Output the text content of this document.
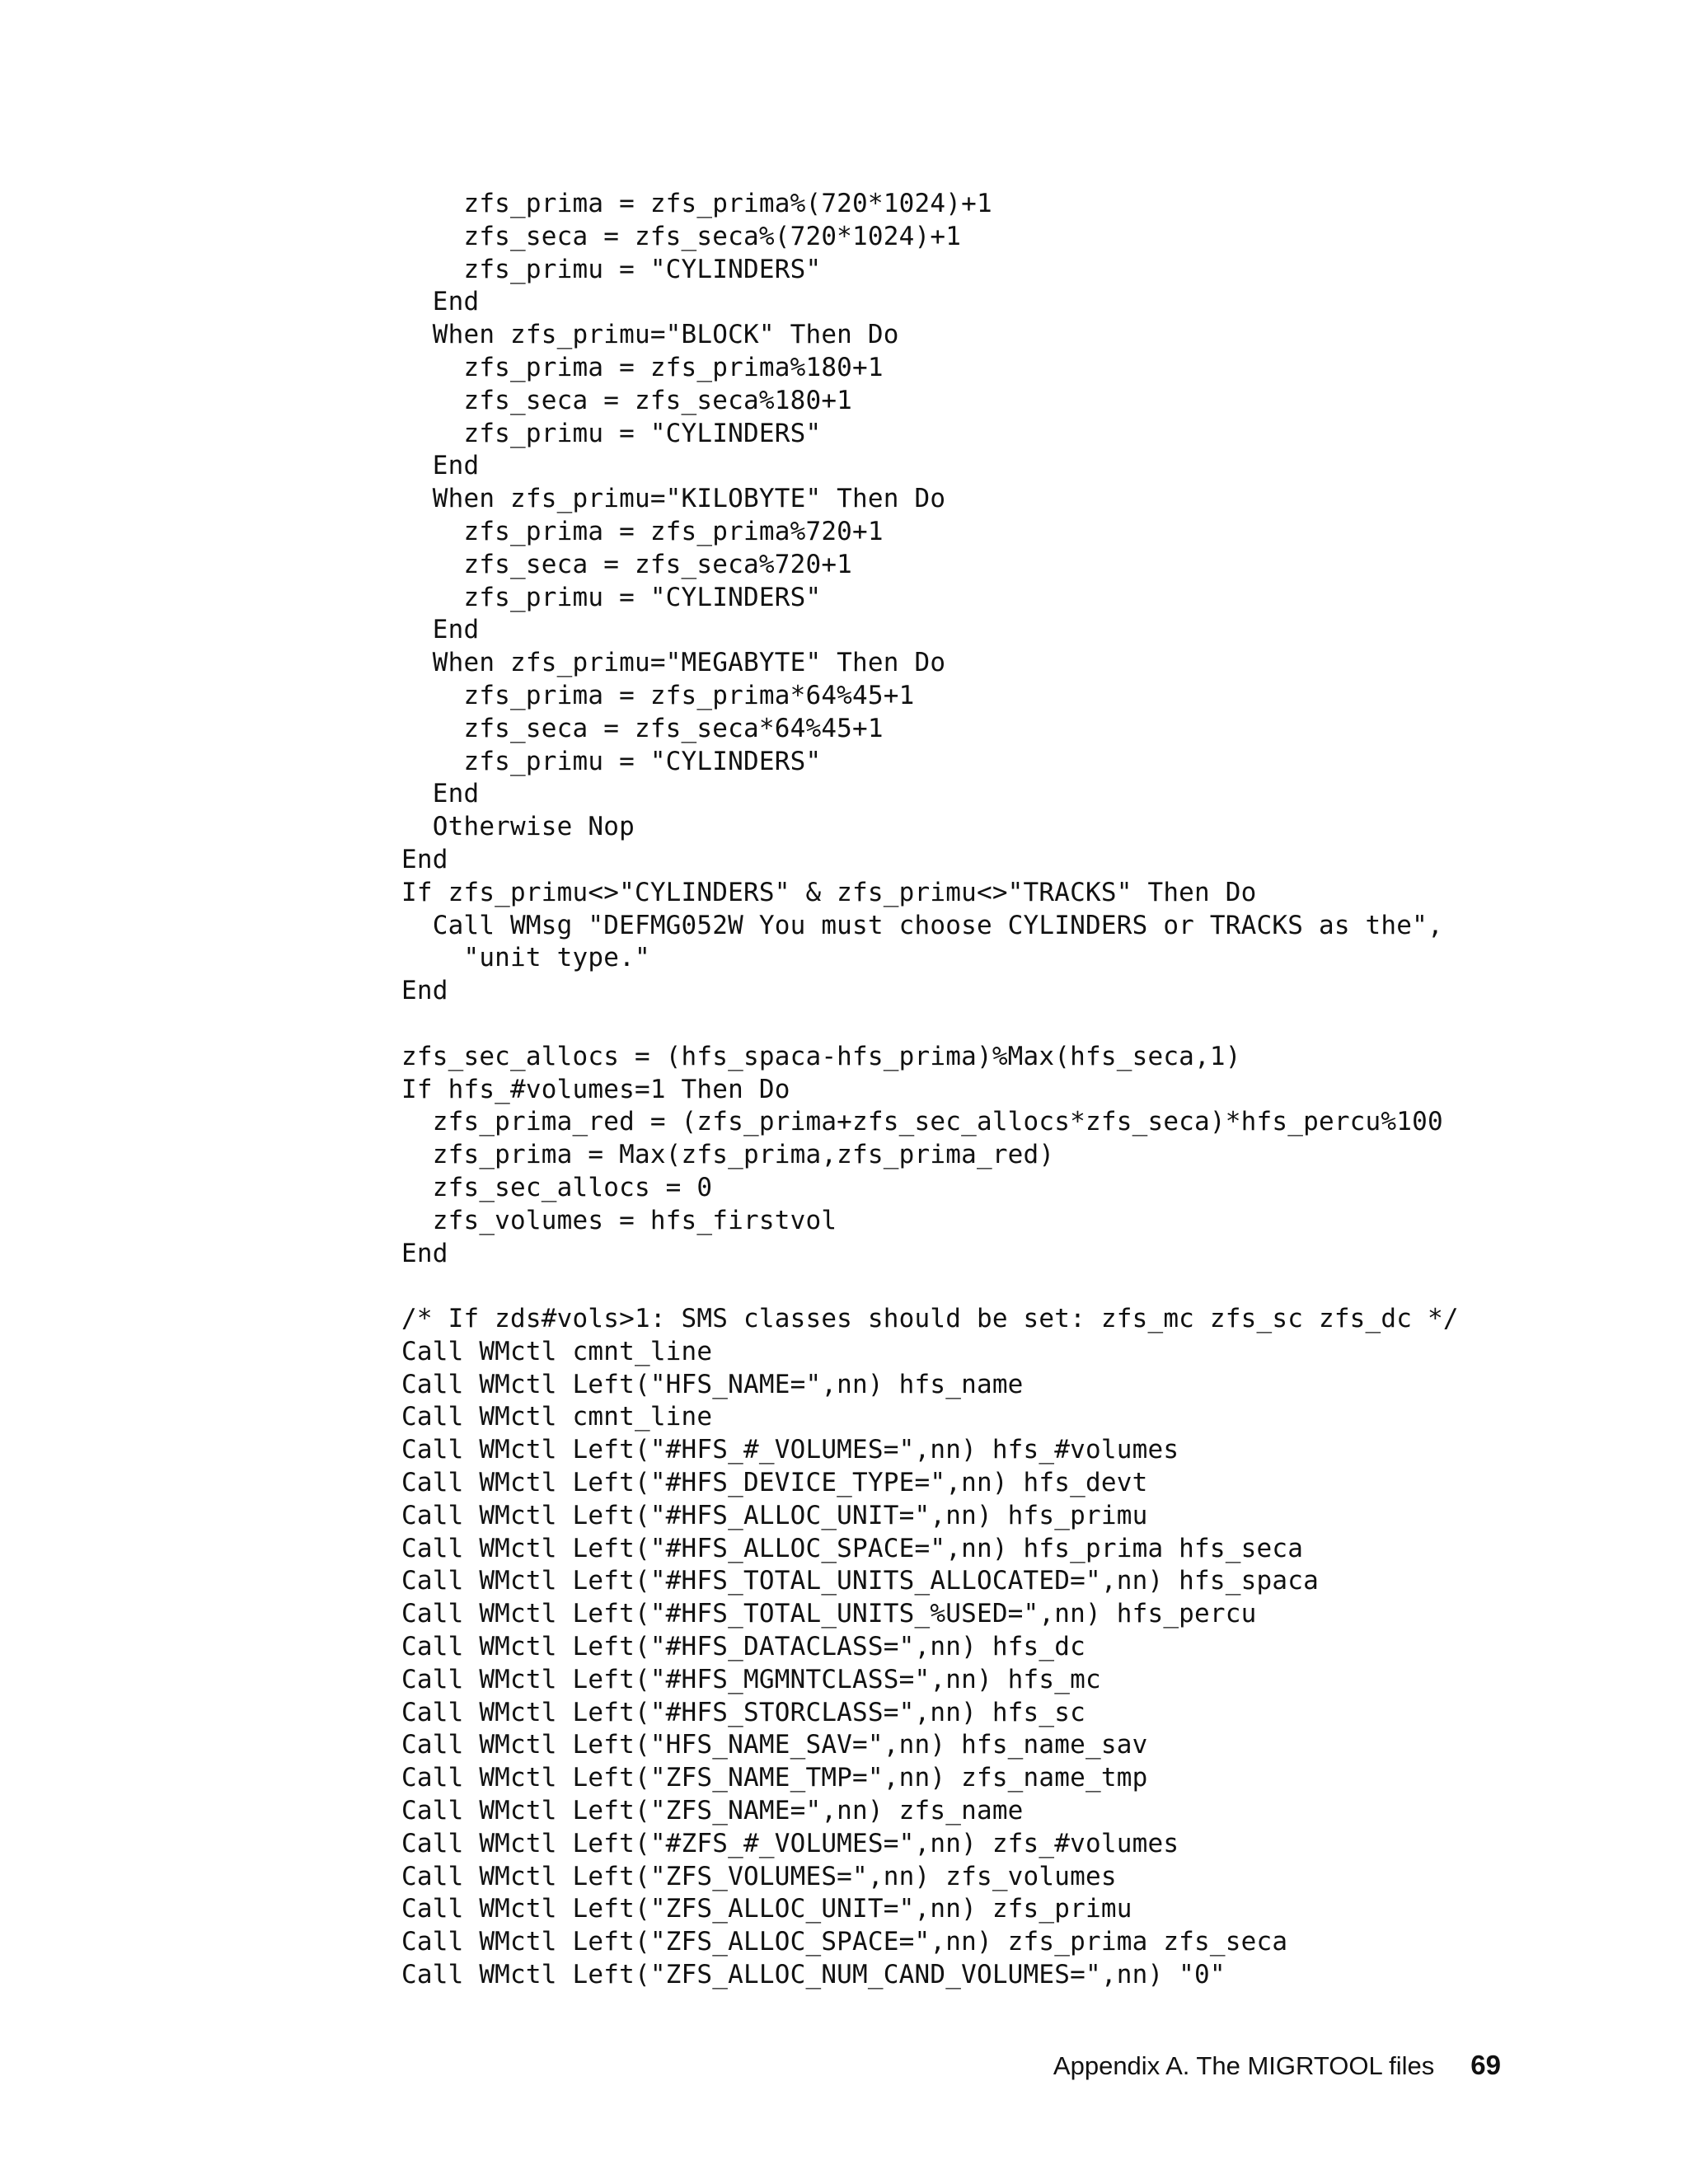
zfs_prima = zfs_prima%(720*1024)+1
zfs_seca = zfs_seca%(720*1024)+1
zfs_primu = "CYLINDERS"
End
When zfs_primu="BLOCK" Then Do
zfs_prima = zfs_prima%180+1
zfs_seca = zfs_seca%180+1
zfs_primu = "CYLINDERS"
End
When zfs_primu="KILOBYTE" Then Do
zfs_prima = zfs_prima%720+1
zfs_seca = zfs_seca%720+1
zfs_primu = "CYLINDERS"
End
When zfs_primu="MEGABYTE" Then Do
zfs_prima = zfs_prima*64%45+1
zfs_seca = zfs_seca*64%45+1
zfs_primu = "CYLINDERS"
End
Otherwise Nop
End
If zfs_primu<>"CYLINDERS" & zfs_primu<>"TRACKS" Then Do
Call WMsg "DEFMG052W You must choose CYLINDERS or TRACKS as the",
"unit type."
End
zfs_sec_allocs = (hfs_spaca-hfs_prima)%Max(hfs_seca,1)
If hfs_#volumes=1 Then Do
zfs_prima_red = (zfs_prima+zfs_sec_allocs*zfs_seca)*hfs_percu%100
zfs_prima = Max(zfs_prima,zfs_prima_red)
zfs_sec_allocs = 0
zfs_volumes = hfs_firstvol
End
/* If zds#vols>1: SMS classes should be set: zfs_mc zfs_sc zfs_dc */
Call WMctl cmnt_line
Call WMctl Left("HFS_NAME=",nn) hfs_name
Call WMctl cmnt_line
Call WMctl Left("#HFS_#_VOLUMES=",nn) hfs_#volumes
Call WMctl Left("#HFS_DEVICE_TYPE=",nn) hfs_devt
Call WMctl Left("#HFS_ALLOC_UNIT=",nn) hfs_primu
Call WMctl Left("#HFS_ALLOC_SPACE=",nn) hfs_prima hfs_seca
Call WMctl Left("#HFS_TOTAL_UNITS_ALLOCATED=",nn) hfs_spaca
Call WMctl Left("#HFS_TOTAL_UNITS_%USED=",nn) hfs_percu
Call WMctl Left("#HFS_DATACLASS=",nn) hfs_dc
Call WMctl Left("#HFS_MGMNTCLASS=",nn) hfs_mc
Call WMctl Left("#HFS_STORCLASS=",nn) hfs_sc
Call WMctl Left("HFS_NAME_SAV=",nn) hfs_name_sav
Call WMctl Left("ZFS_NAME_TMP=",nn) zfs_name_tmp
Call WMctl Left("ZFS_NAME=",nn) zfs_name
Call WMctl Left("#ZFS_#_VOLUMES=",nn) zfs_#volumes
Call WMctl Left("ZFS_VOLUMES=",nn) zfs_volumes
Call WMctl Left("ZFS_ALLOC_UNIT=",nn) zfs_primu
Call WMctl Left("ZFS_ALLOC_SPACE=",nn) zfs_prima zfs_seca
Call WMctl Left("ZFS_ALLOC_NUM_CAND_VOLUMES=",nn) "0"
Appendix A. The MIGRTOOL files 69
